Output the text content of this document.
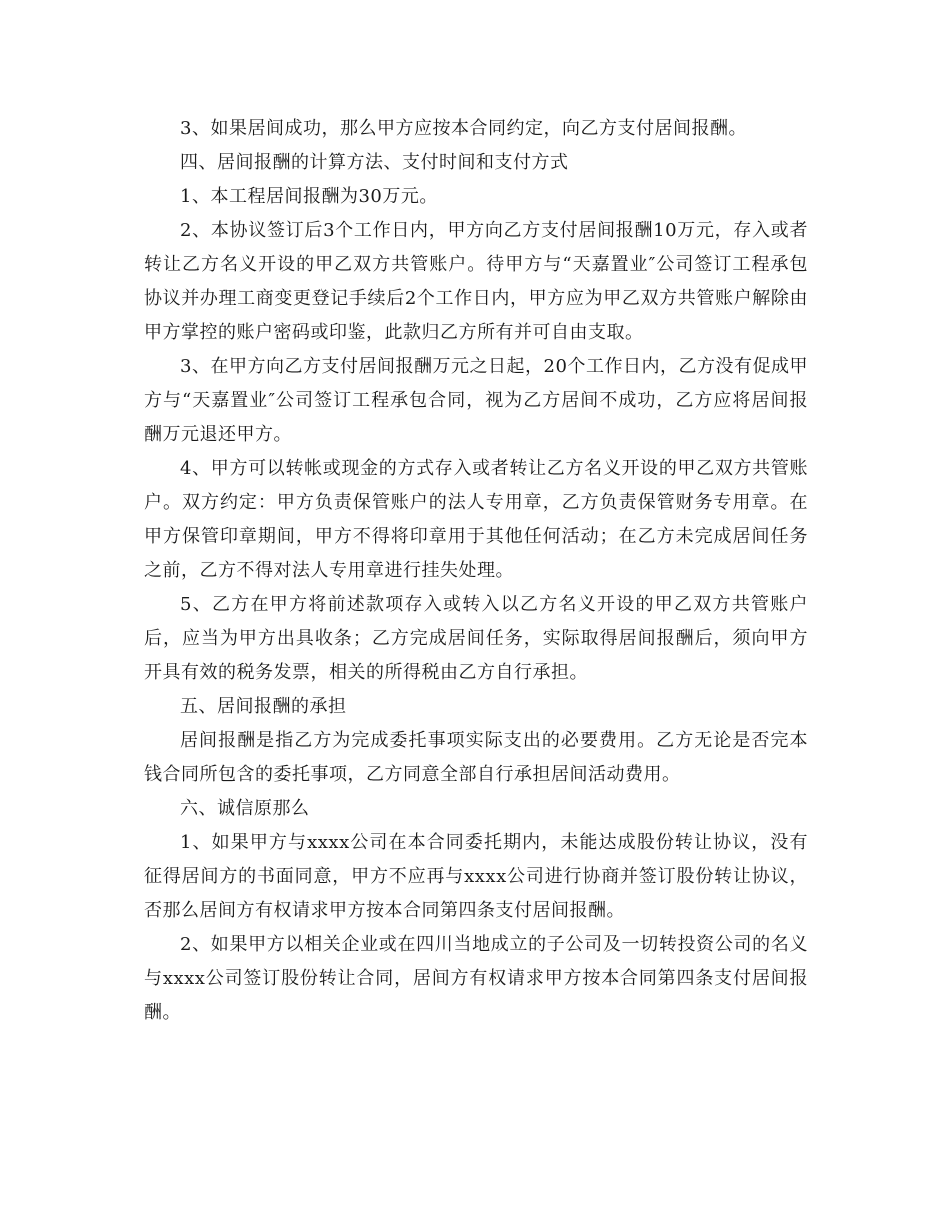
3、如果居间成功，那么甲方应按本合同约定，向乙方支付居间报酬。

四、居间报酬的计算方法、支付时间和支付方式

1、本工程居间报酬为30万元。

2、本协议签订后3个工作日内，甲方向乙方支付居间报酬10万元，存入或者转让乙方名义开设的甲乙双方共管账户。待甲方与“天嘉置业″公司签订工程承包协议并办理工商变更登记手续后2个工作日内，甲方应为甲乙双方共管账户解除由甲方掌控的账户密码或印鉴，此款归乙方所有并可自由支取。

3、在甲方向乙方支付居间报酬万元之日起，20个工作日内，乙方没有促成甲方与“天嘉置业″公司签订工程承包合同，视为乙方居间不成功，乙方应将居间报酬万元退还甲方。

4、甲方可以转帐或现金的方式存入或者转让乙方名义开设的甲乙双方共管账户。双方约定：甲方负责保管账户的法人专用章，乙方负责保管财务专用章。在甲方保管印章期间，甲方不得将印章用于其他任何活动；在乙方未完成居间任务之前，乙方不得对法人专用章进行挂失处理。

5、乙方在甲方将前述款项存入或转入以乙方名义开设的甲乙双方共管账户后，应当为甲方出具收条；乙方完成居间任务，实际取得居间报酬后，须向甲方开具有效的税务发票，相关的所得税由乙方自行承担。

五、居间报酬的承担

居间报酬是指乙方为完成委托事项实际支出的必要费用。乙方无论是否完本钱合同所包含的委托事项，乙方同意全部自行承担居间活动费用。

六、诚信原那么

1、如果甲方与xxxx公司在本合同委托期内，未能达成股份转让协议，没有征得居间方的书面同意，甲方不应再与xxxx公司进行协商并签订股份转让协议，否那么居间方有权请求甲方按本合同第四条支付居间报酬。

2、如果甲方以相关企业或在四川当地成立的子公司及一切转投资公司的名义与xxxx公司签订股份转让合同，居间方有权请求甲方按本合同第四条支付居间报酬。
